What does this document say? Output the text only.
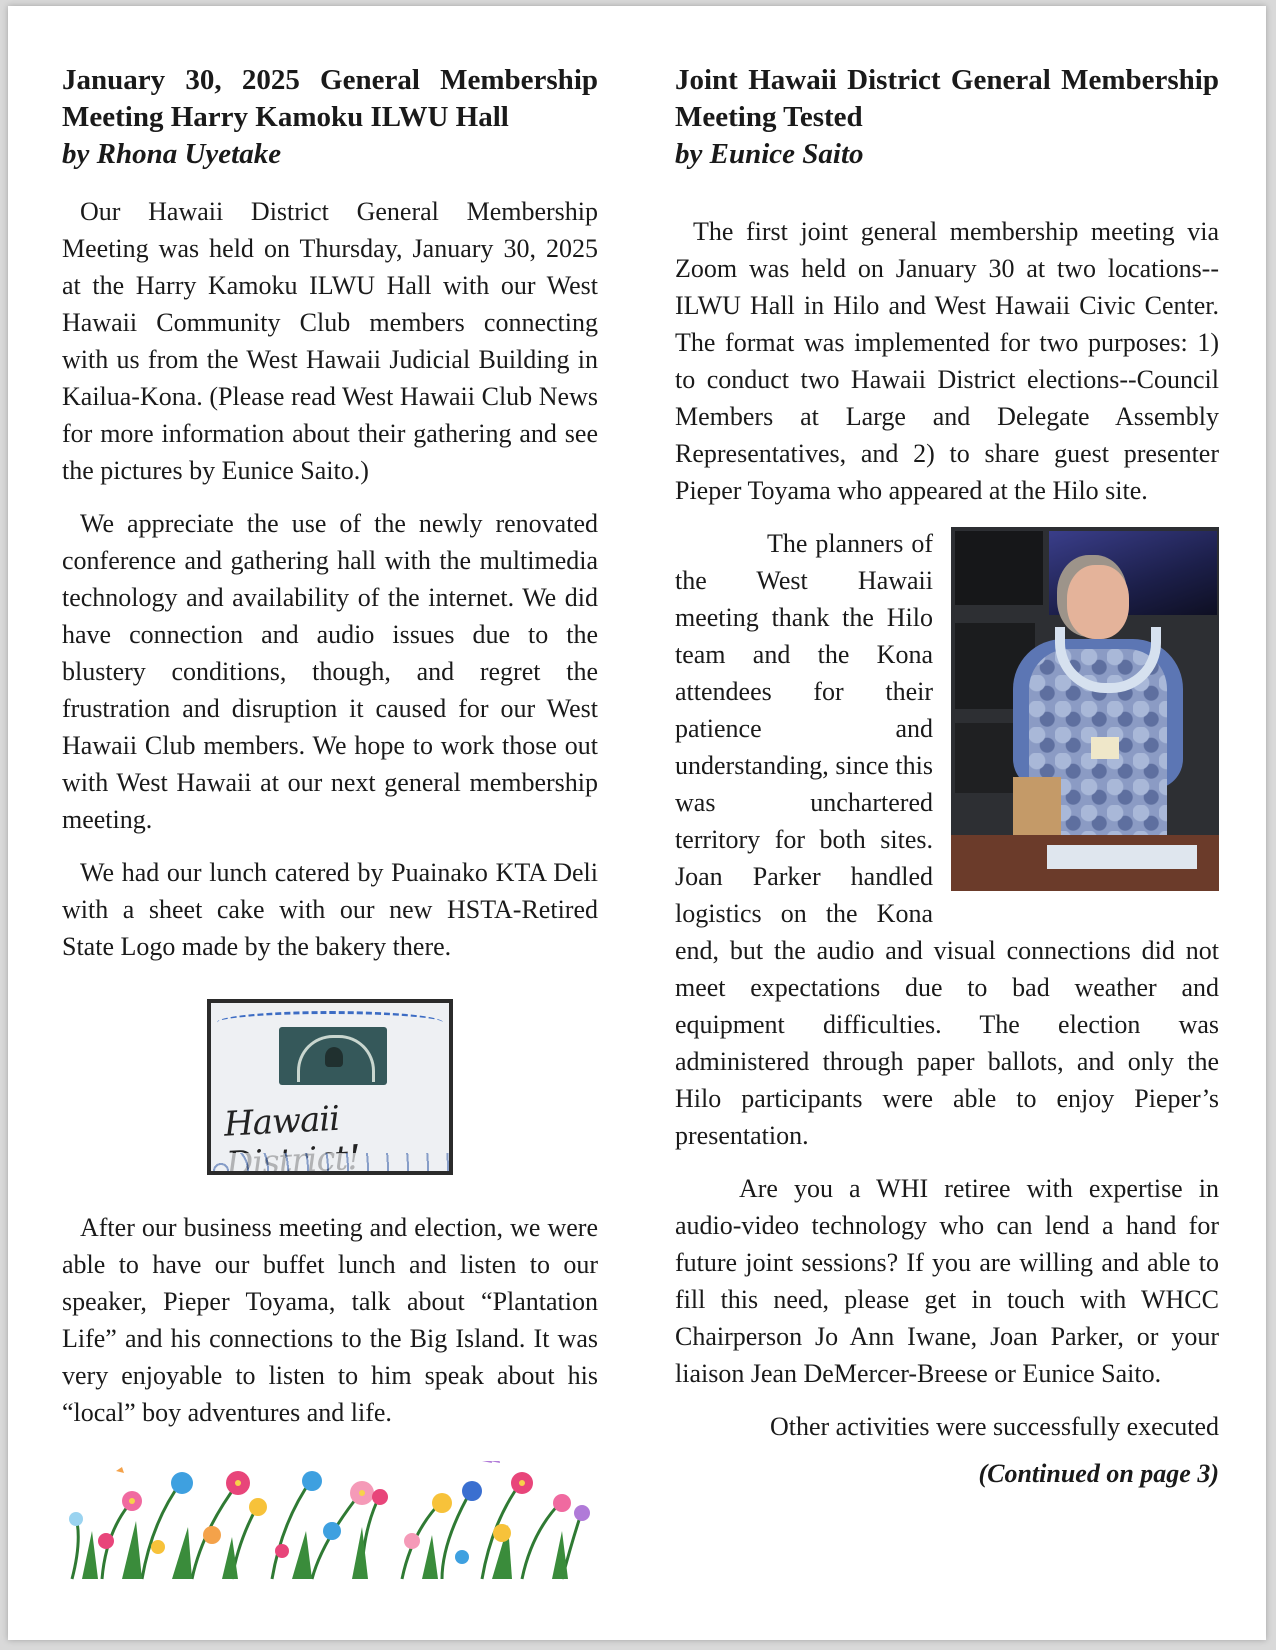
January 30, 2025 General Membership Meeting Harry Kamoku ILWU Hall
by Rhona Uyetake

Our Hawaii District General Membership Meeting was held on Thursday, January 30, 2025 at the Harry Kamoku ILWU Hall with our West Hawaii Community Club members connecting with us from the West Hawaii Judicial Building in Kailua-Kona. (Please read West Hawaii Club News for more information about their gathering and see the pictures by Eunice Saito.)

We appreciate the use of the newly renovated conference and gathering hall with the multimedia technology and availability of the internet. We did have connection and audio issues due to the blustery conditions, though, and regret the frustration and disruption it caused for our West Hawaii Club members. We hope to work those out with West Hawaii at our next general membership meeting.

We had our lunch catered by Puainako KTA Deli with a sheet cake with our new HSTA-Retired State Logo made by the bakery there.

Hawaii

After our business meeting and election, we were able to have our buffet lunch and listen to our speaker, Pieper Toyama, talk about “Plantation Life” and his connections to the Big Island. It was very enjoyable to listen to him speak about his “local” boy adventures and life.

Joint Hawaii District General Membership Meeting Tested
by Eunice Saito

The first joint general membership meeting via Zoom was held on January 30 at two locations--ILWU Hall in Hilo and West Hawaii Civic Center. The format was implemented for two purposes: 1) to conduct two Hawaii District elections--Council Members at Large and Delegate Assembly Representatives, and 2) to share guest presenter Pieper Toyama who appeared at the Hilo site.

The planners of the West Hawaii meeting thank the Hilo team and the Kona attendees for their patience and understanding, since this was unchartered territory for both sites. Joan Parker handled logistics on the Kona end, but the audio and visual connections did not meet expectations due to bad weather and equipment difficulties. The election was administered through paper ballots, and only the Hilo participants were able to enjoy Pieper’s presentation.

Are you a WHI retiree with expertise in audio-video technology who can lend a hand for future joint sessions? If you are willing and able to fill this need, please get in touch with WHCC Chairperson Jo Ann Iwane, Joan Parker, or your liaison Jean DeMercer-Breese or Eunice Saito.

Other activities were successfully executed

(Continued on page 3)
